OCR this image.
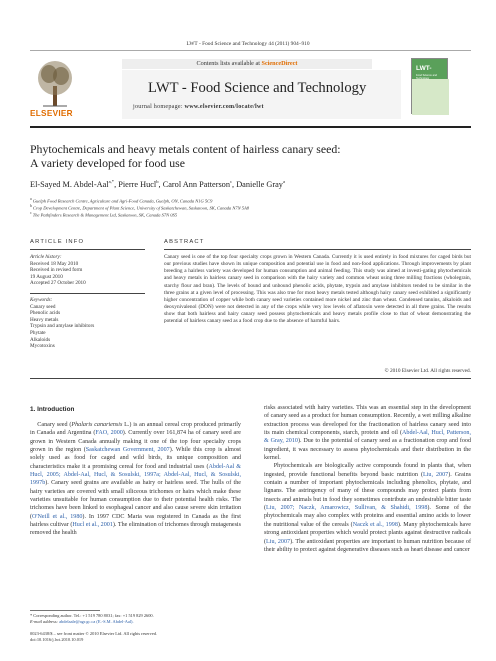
LWT - Food Science and Technology 44 (2011) 904–910
ELSEVIER
Contents lists available at ScienceDirect
LWT - Food Science and Technology
journal homepage: www.elsevier.com/locate/lwt
LWT-
Food Science and Technology
Phytochemicals and heavy metals content of hairless canary seed:
A variety developed for food use
El-Sayed M. Abdel-Aal$^{a,*}$, Pierre Hucl$^b$, Carol Ann Patterson$^c$, Danielle Gray$^a$
$^a$ Guelph Food Research Centre, Agriculture and Agri-Food Canada, Guelph, ON, Canada N1G 5C9
$^b$ Crop Development Centre, Department of Plant Science, University of Saskatchewan, Saskatoon, SK, Canada N7N 5A8
$^c$ The Pathfinders Research & Management Ltd, Saskatoon, SK, Canada S7N 0S5
ARTICLE INFO	ABSTRACT
Article history:
Received 18 May 2010
Received in revised form
19 August 2010
Accepted 27 October 2010
Keywords:
Canary seed
Phenolic acids
Heavy metals
Trypsin and amylase inhibitors
Phytate
Alkaloids
Mycotoxins
Canary seed is one of the top four specialty crops grown in Western Canada. Currently it is used entirely in food mixtures for caged birds but our previous studies have shown its unique composition and potential use in food and non-food applications. Through improvements by plant breeding a hairless variety was developed for human consumption and animal feeding. This study was aimed at investi-gating phytochemicals and heavy metals in hairless canary seed in comparison with the hairy variety and common wheat using three milling fractions (wholegrain, starchy flour and bran). The levels of bound and unbound phenolic acids, phytate, trypsin and amylase inhibitors tended to be similar in the three grains at a given level of processing. This was also true for most heavy metals tested although hairy canary seed exhibited a significantly higher concentration of copper while both canary seed varieties contained more nickel and zinc than wheat. Condensed tannins, alkaloids and deoxynivalenol (DON) were not detected in any of the crops while very low levels of aflatoxin were detected in all three grains. The results show that both hairless and hairy canary seed possess phytochemicals and heavy metals profile close to that of wheat demonstrating the potential of hairless canary seed as a food crop due to the absence of harmful hairs.
© 2010 Elsevier Ltd. All rights reserved.
1. Introduction

Canary seed (Phalaris canariensis L.) is an annual cereal crop produced primarily in Canada and Argentina (FAO, 2000). Currently over 161,874 ha of canary seed are grown in Western Canada annually making it one of the top four specialty crops grown in the region (Saskatchewan Government, 2007). While this crop is almost solely used as food for caged and wild birds, its unique composition and characteristics make it a promising cereal for food and industrial uses (Abdel-Aal & Hucl, 2005; Abdel-Aal, Hucl, & Sosulski, 1997a; Abdel-Aal, Hucl, & Sosulski, 1997b). Canary seed grains are available as hairy or hairless seed. The hulls of the hairy varieties are covered with small siliceous trichomes or hairs which make these varieties unsuitable for human consumption due to their potential health risks. The trichomes have been linked to esophageal cancer and also cause severe skin irritation (O'Neill et al., 1980). In 1997 CDC Maria was registered in Canada as the first hairless cultivar (Hucl et al., 2001). The elimination of trichomes through mutagenesis removed the health

risks associated with hairy varieties. This was an essential step in the development of canary seed as a product for human consumption. Recently, a wet milling alkaline extraction process was developed for the fractionation of hairless canary seed into its main chemical components, starch, protein and oil (Abdel-Aal, Hucl, Patterson, & Gray, 2010). Due to the potential of canary seed as a fractionation crop and food ingredient, it was necessary to assess phytochemicals and their distribution in the kernel.

Phytochemicals are biologically active compounds found in plants that, when ingested, provide functional benefits beyond basic nutrition (Liu, 2007). Grains contain a number of important phytochemicals including phenolics, phytate, and lignans. The astringency of many of these compounds may protect plants from insects and animals but in food they sometimes contribute an undesirable bitter taste (Liu, 2007; Naczk, Amarowicz, Sullivan, & Shahidi, 1998). Some of the phytochemicals may also complex with proteins and essential amino acids to lower the nutritional value of the cereals (Naczk et al., 1998). Many phytochemicals have strong antioxidant properties which would protect plants against destructive radicals (Liu, 2007). The antioxidant properties are important to human nutrition because of their ability to protect against degenerative diseases such as heart disease and cancer

* Corresponding author. Tel.: +1 519 780 8031; fax: +1 519 829 2600.
E-mail address: abdelaale@agr.gc.ca (E.-S.M. Abdel-Aal).
0023-6438/$ – see front matter © 2010 Elsevier Ltd. All rights reserved.
doi:10.1016/j.lwt.2010.10.019
